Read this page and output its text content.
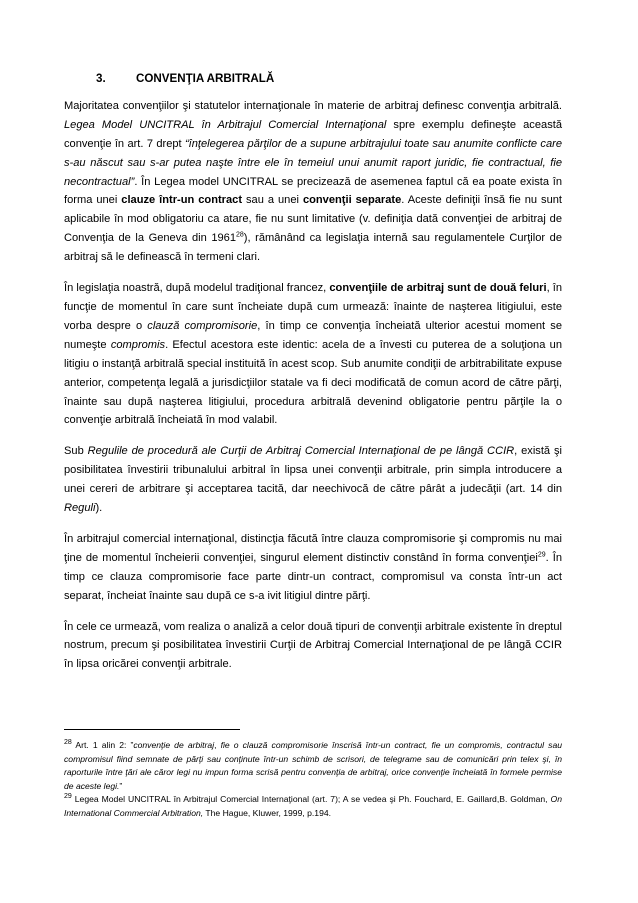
3.	CONVENŢIA ARBITRALĂ

Majoritatea convenţiilor şi statutelor internaţionale în materie de arbitraj definesc convenţia arbitrală. Legea Model UNCITRAL în Arbitrajul Comercial Internaţional spre exemplu defineşte această convenţie în art. 7 drept “înţelegerea părţilor de a supune arbitrajului toate sau anumite conflicte care s-au născut sau s-ar putea naşte între ele în temeiul unui anumit raport juridic, fie contractual, fie necontractual”. În Legea model UNCITRAL se precizează de asemenea faptul că ea poate exista în forma unei clauze într-un contract sau a unei convenţii separate. Aceste definiţii însă fie nu sunt aplicabile în mod obligatoriu ca atare, fie nu sunt limitative (v. definiţia dată convenţiei de arbitraj de Convenţia de la Geneva din 1961$^{28}$), rămânând ca legislaţia internă sau regulamentele Curţilor de arbitraj să le definească în termeni clari.

În legislaţia noastră, după modelul tradiţional francez, convenţiile de arbitraj sunt de două feluri, în funcţie de momentul în care sunt încheiate după cum urmează: înainte de naşterea litigiului, este vorba despre o clauză compromisorie, în timp ce convenţia încheiată ulterior acestui moment se numeşte compromis. Efectul acestora este identic: acela de a învesti cu puterea de a soluţiona un litigiu o instanţă arbitrală special instituită în acest scop. Sub anumite condiţii de arbitrabilitate expuse anterior, competenţa legală a jurisdicţiilor statale va fi deci modificată de comun acord de către părţi, înainte sau după naşterea litigiului, procedura arbitrală devenind obligatorie pentru părţile la o convenţie arbitrală încheiată în mod valabil.

Sub Regulile de procedură ale Curţii de Arbitraj Comercial Internaţional de pe lângă CCIR, există şi posibilitatea învestirii tribunalului arbitral în lipsa unei convenţii arbitrale, prin simpla introducere a unei cereri de arbitrare şi acceptarea tacită, dar neechivocă de către pârât a judecăţii (art. 14 din Reguli).

În arbitrajul comercial internaţional, distincţia făcută între clauza compromisorie şi compromis nu mai ţine de momentul încheierii convenţiei, singurul element distinctiv constând în forma convenţiei$^{29}$. În timp ce clauza compromisorie face parte dintr-un contract, compromisul va consta într-un act separat, încheiat înainte sau după ce s-a ivit litigiul dintre părţi.

În cele ce urmează, vom realiza o analiză a celor două tipuri de convenţii arbitrale existente în dreptul nostrum, precum şi posibilitatea învestirii Curţii de Arbitraj Comercial Internaţional de pe lângă CCIR în lipsa oricărei convenţii arbitrale.

$^{28}$ Art. 1 alin 2: ”convenţie de arbitraj, fie o clauză compromisorie înscrisă într-un contract, fie un compromis, contractul sau compromisul fiind semnate de părţi sau conţinute într-un schimb de scrisori, de telegrame sau de comunicări prin telex şi, în raporturile între ţări ale căror legi nu impun forma scrisă pentru convenţia de arbitraj, orice convenţie încheiată în formele permise de aceste legi.”

$^{29}$ Legea Model UNCITRAL în Arbitrajul Comercial Internaţional (art. 7); A se vedea şi Ph. Fouchard, E. Gaillard,B. Goldman, On International Commercial Arbitration, The Hague, Kluwer, 1999, p.194.
